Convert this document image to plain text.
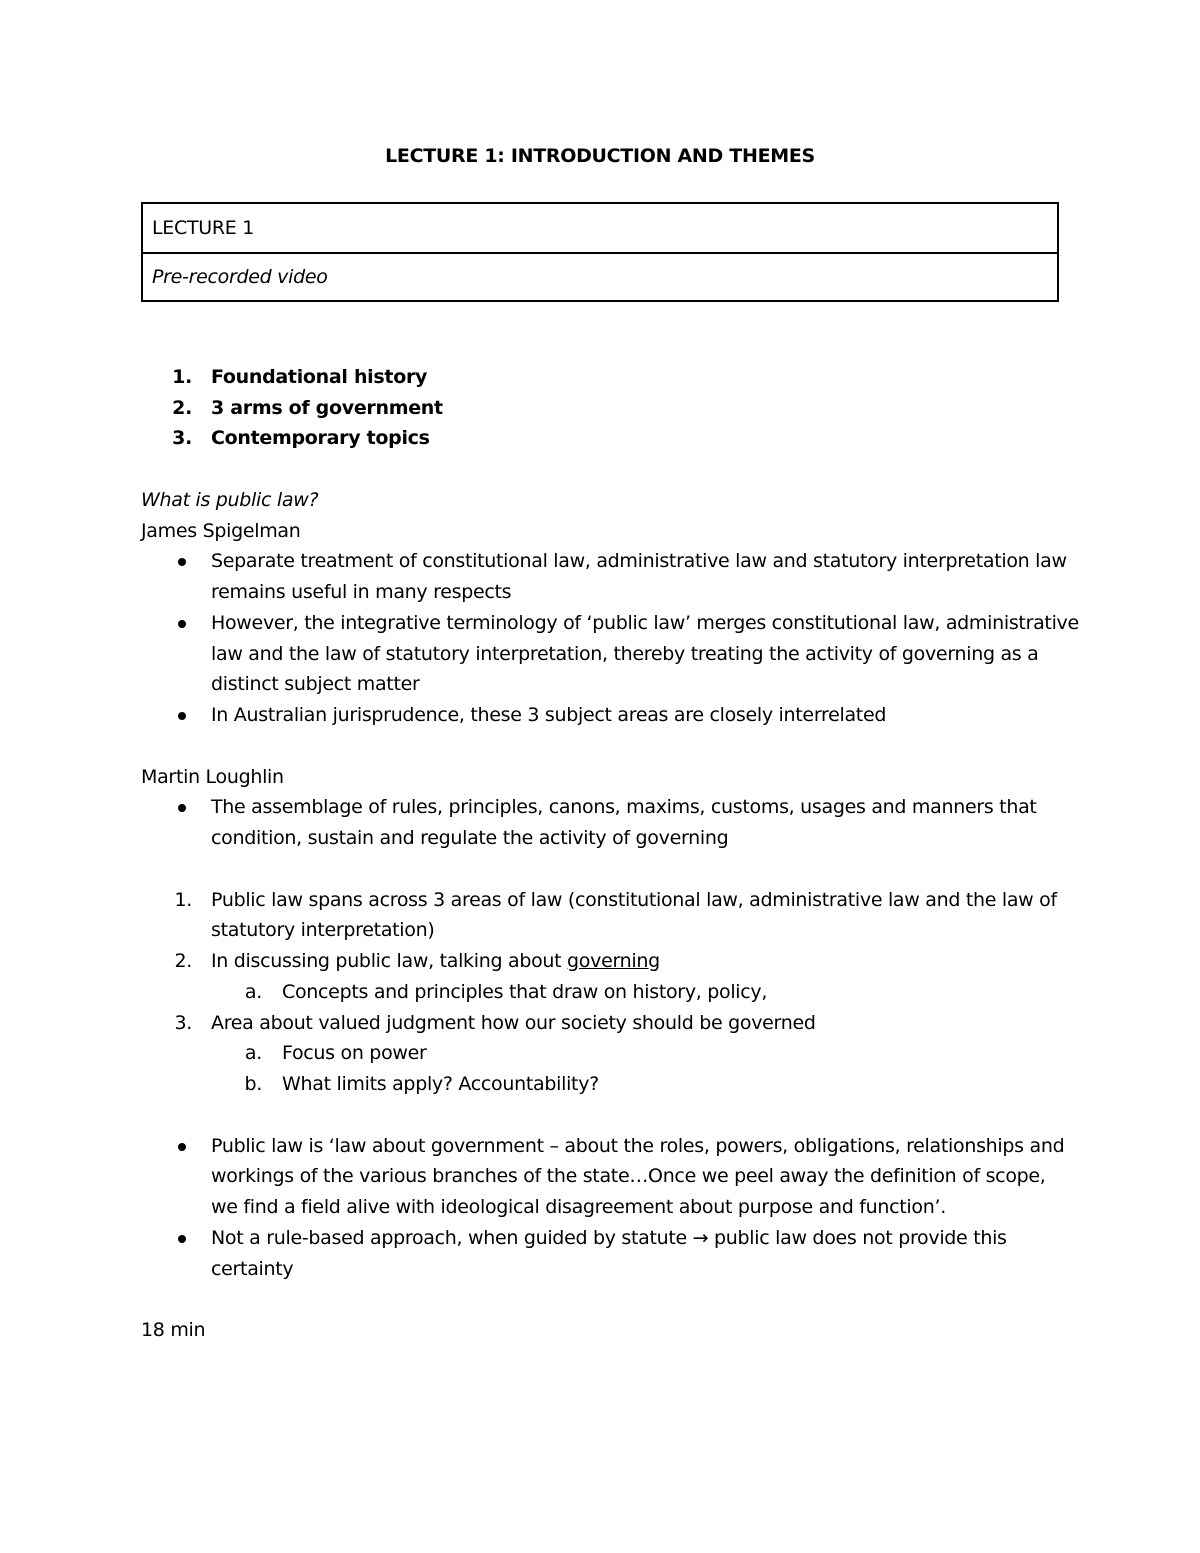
LECTURE 1: INTRODUCTION AND THEMES
LECTURE 1
Pre-recorded video
1. Foundational history
2. 3 arms of government
3. Contemporary topics
What is public law?
James Spigelman
Separate treatment of constitutional law, administrative law and statutory interpretation law
remains useful in many respects
However, the integrative terminology of ‘public law’ merges constitutional law, administrative
law and the law of statutory interpretation, thereby treating the activity of governing as a
distinct subject matter
In Australian jurisprudence, these 3 subject areas are closely interrelated
Martin Loughlin
The assemblage of rules, principles, canons, maxims, customs, usages and manners that
condition, sustain and regulate the activity of governing
1. Public law spans across 3 areas of law (constitutional law, administrative law and the law of
statutory interpretation)
2. In discussing public law, talking about governing
a. Concepts and principles that draw on history, policy,
3. Area about valued judgment how our society should be governed
a. Focus on power
b. What limits apply? Accountability?
Public law is ‘law about government – about the roles, powers, obligations, relationships and
workings of the various branches of the state…Once we peel away the definition of scope,
we find a field alive with ideological disagreement about purpose and function’.
Not a rule-based approach, when guided by statute → public law does not provide this
certainty
18 min
